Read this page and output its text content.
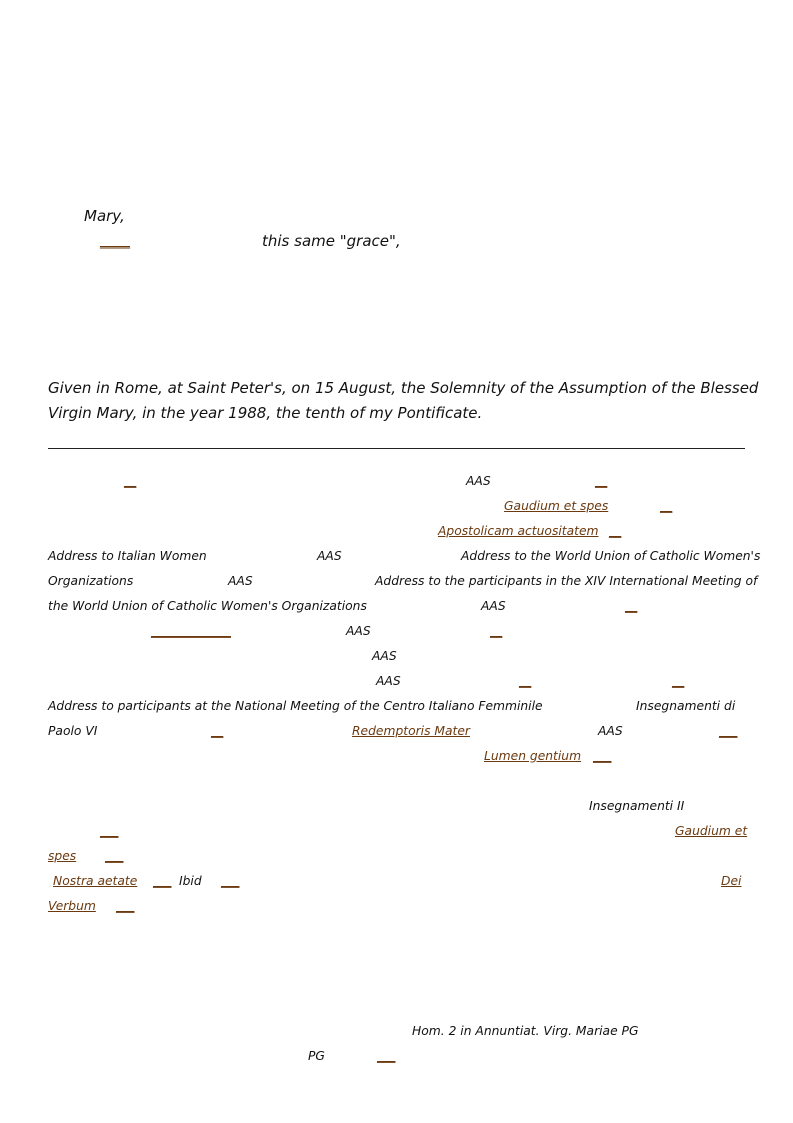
Mary,
____	this same "grace",
Given in Rome, at Saint Peter's, on 15 August, the Solemnity of the Assumption of the Blessed
Virgin Mary, in the year 1988, the tenth of my Pontificate.
__	AAS	__
Gaudium et spes	__
Apostolicam actuositatem __
Address to Italian Women	AAS	Address to the World Union of Catholic Women's
Organizations	AAS	Address to the participants in the XIV International Meeting of
the World Union of Catholic Women's Organizations	AAS	__
_____________	AAS	__
AAS
AAS	__	__
Address to participants at the National Meeting of the Centro Italiano Femminile	Insegnamenti di
Paolo VI	__	Redemptoris Mater	AAS	___
Lumen gentium ___
Insegnamenti II
___	Gaudium et
spes ___
Nostra aetate ___ Ibid ___	Dei
Verbum ___
Hom. 2 in Annuntiat. Virg. Mariae PG
PG	___
